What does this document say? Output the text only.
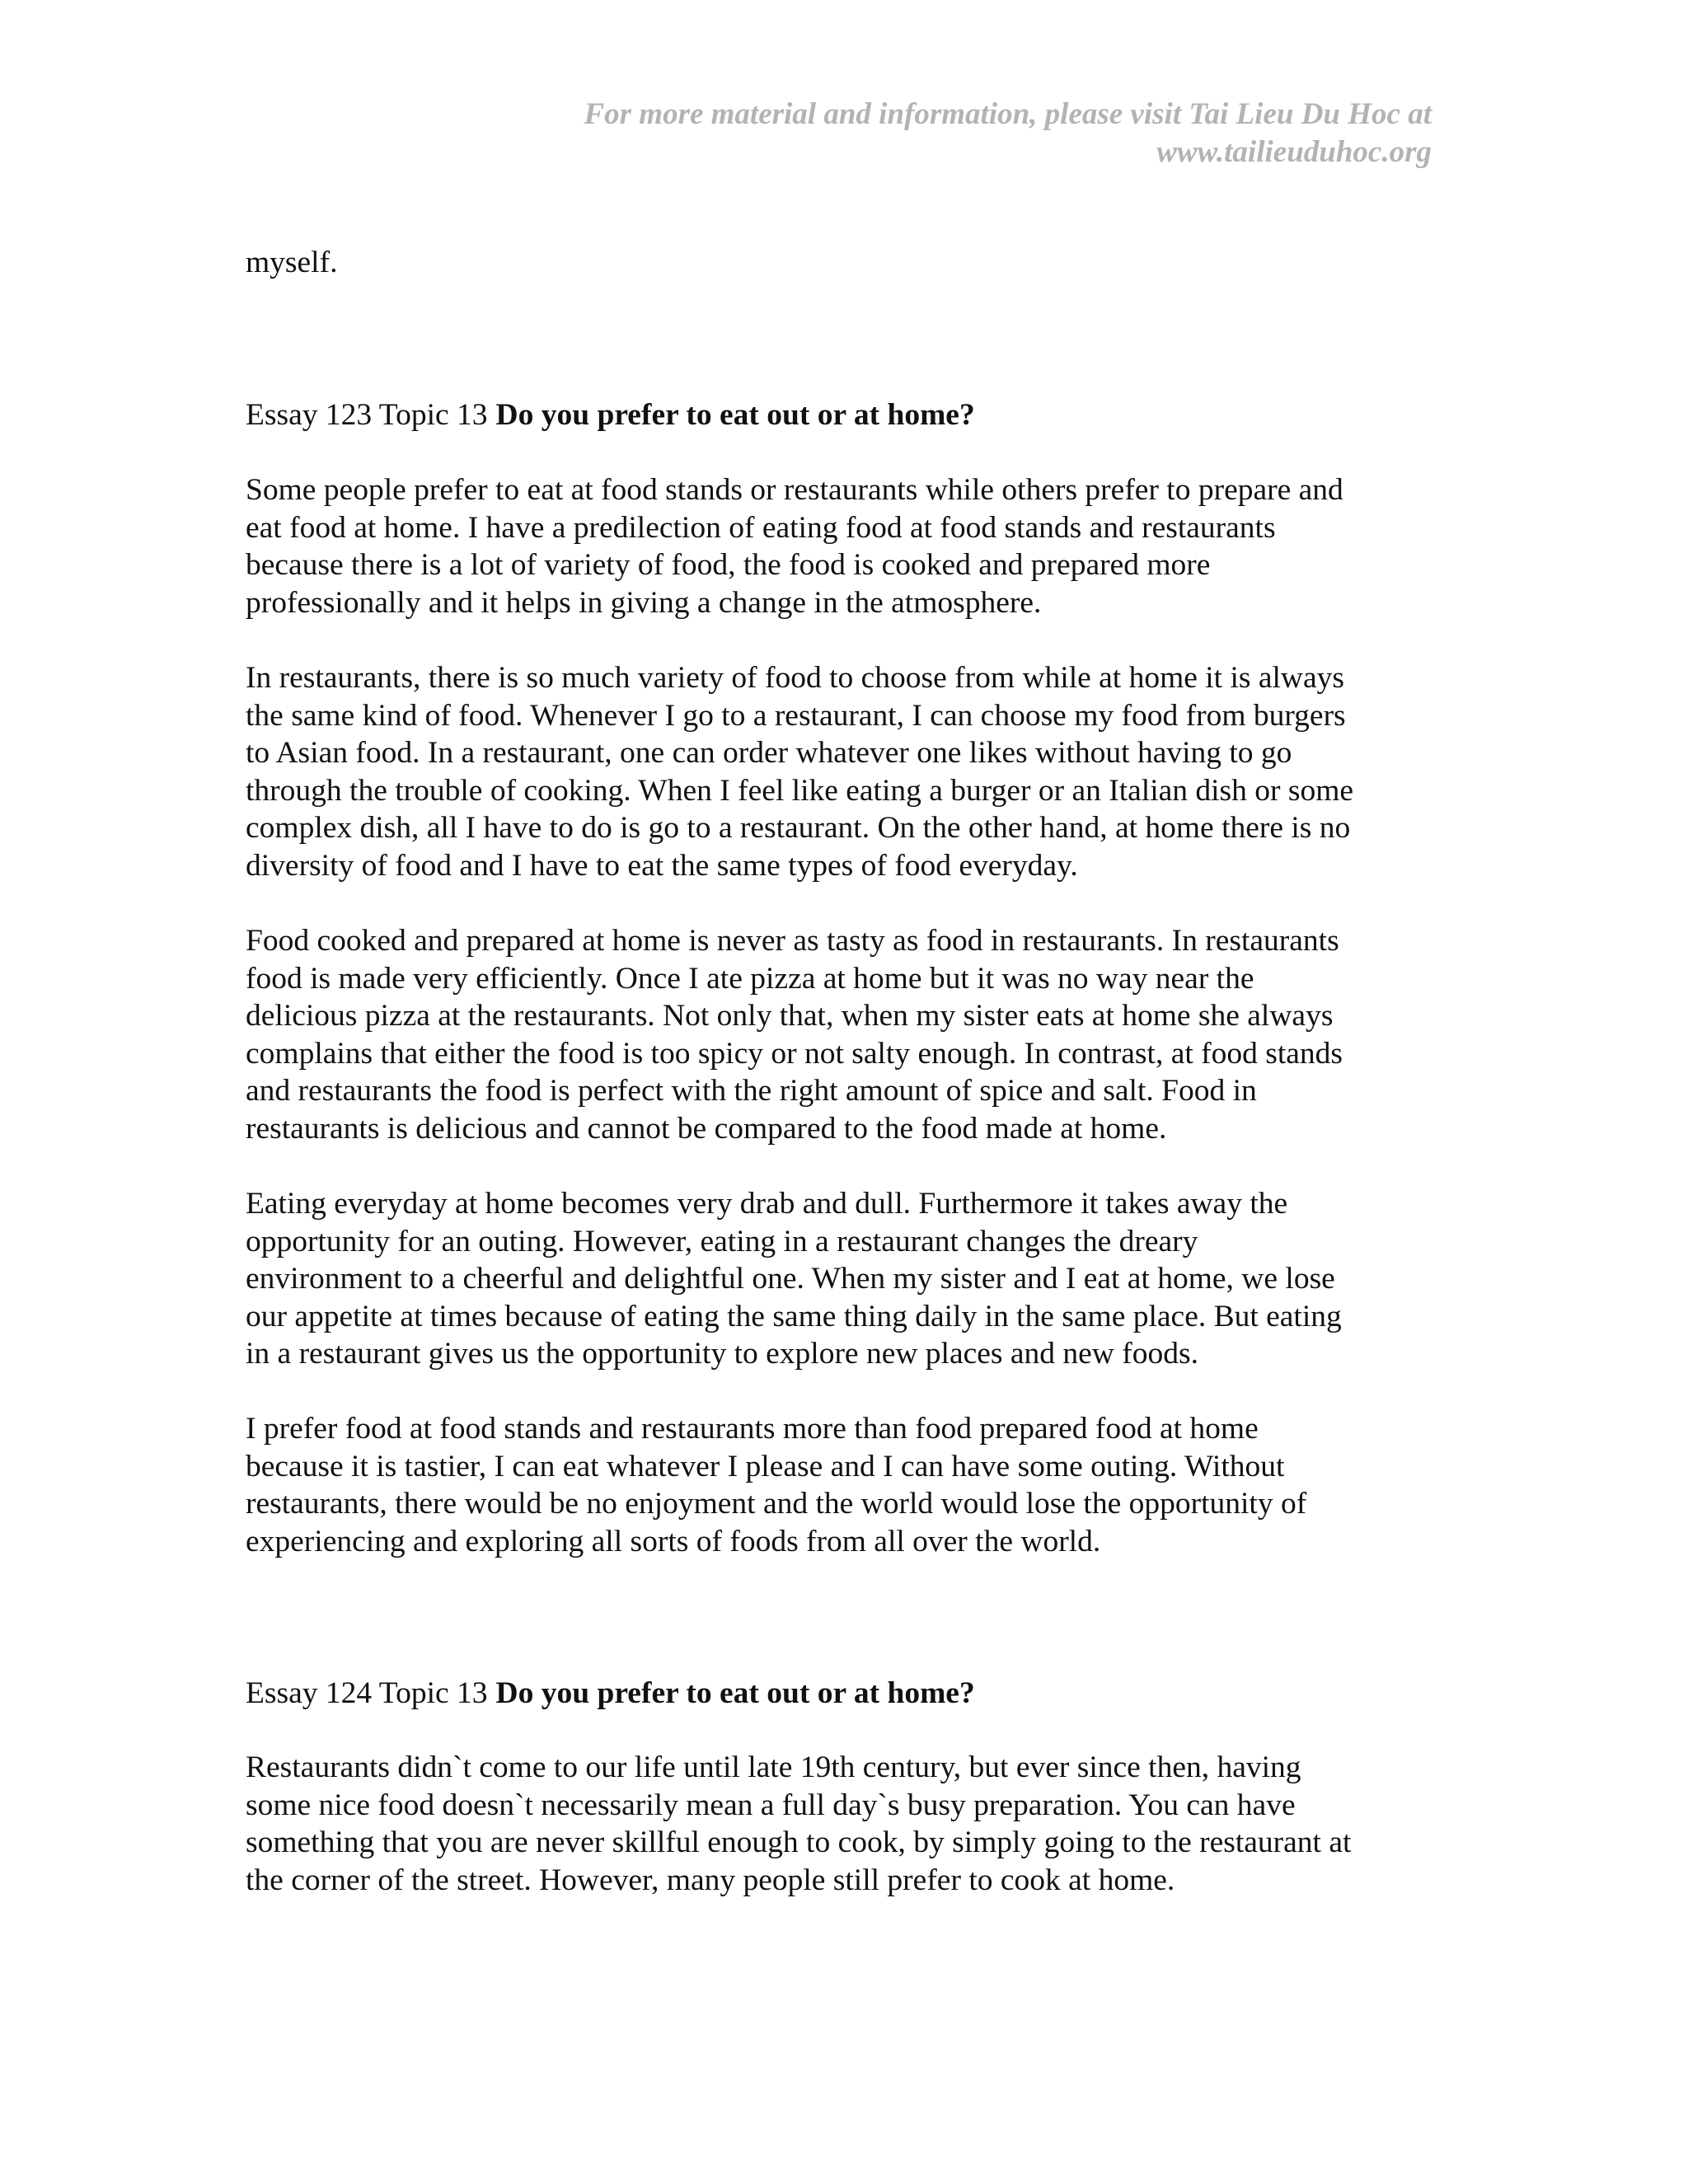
For more material and information, please visit Tai Lieu Du Hoc at
www.tailieuduhoc.org

myself.

Essay 123 Topic 13 Do you prefer to eat out or at home?

Some people prefer to eat at food stands or restaurants while others prefer to prepare and
eat food at home. I have a predilection of eating food at food stands and restaurants
because there is a lot of variety of food, the food is cooked and prepared more
professionally and it helps in giving a change in the atmosphere.
In restaurants, there is so much variety of food to choose from while at home it is always
the same kind of food. Whenever I go to a restaurant, I can choose my food from burgers
to Asian food. In a restaurant, one can order whatever one likes without having to go
through the trouble of cooking. When I feel like eating a burger or an Italian dish or some
complex dish, all I have to do is go to a restaurant. On the other hand, at home there is no
diversity of food and I have to eat the same types of food everyday.
Food cooked and prepared at home is never as tasty as food in restaurants. In restaurants
food is made very efficiently. Once I ate pizza at home but it was no way near the
delicious pizza at the restaurants. Not only that, when my sister eats at home she always
complains that either the food is too spicy or not salty enough. In contrast, at food stands
and restaurants the food is perfect with the right amount of spice and salt. Food in
restaurants is delicious and cannot be compared to the food made at home.
Eating everyday at home becomes very drab and dull. Furthermore it takes away the
opportunity for an outing. However, eating in a restaurant changes the dreary
environment to a cheerful and delightful one. When my sister and I eat at home, we lose
our appetite at times because of eating the same thing daily in the same place. But eating
in a restaurant gives us the opportunity to explore new places and new foods.
I prefer food at food stands and restaurants more than food prepared food at home
because it is tastier, I can eat whatever I please and I can have some outing. Without
restaurants, there would be no enjoyment and the world would lose the opportunity of
experiencing and exploring all sorts of foods from all over the world.

Essay 124 Topic 13 Do you prefer to eat out or at home?

Restaurants didn`t come to our life until late 19th century, but ever since then, having
some nice food doesn`t necessarily mean a full day`s busy preparation. You can have
something that you are never skillful enough to cook, by simply going to the restaurant at
the corner of the street. However, many people still prefer to cook at home.
